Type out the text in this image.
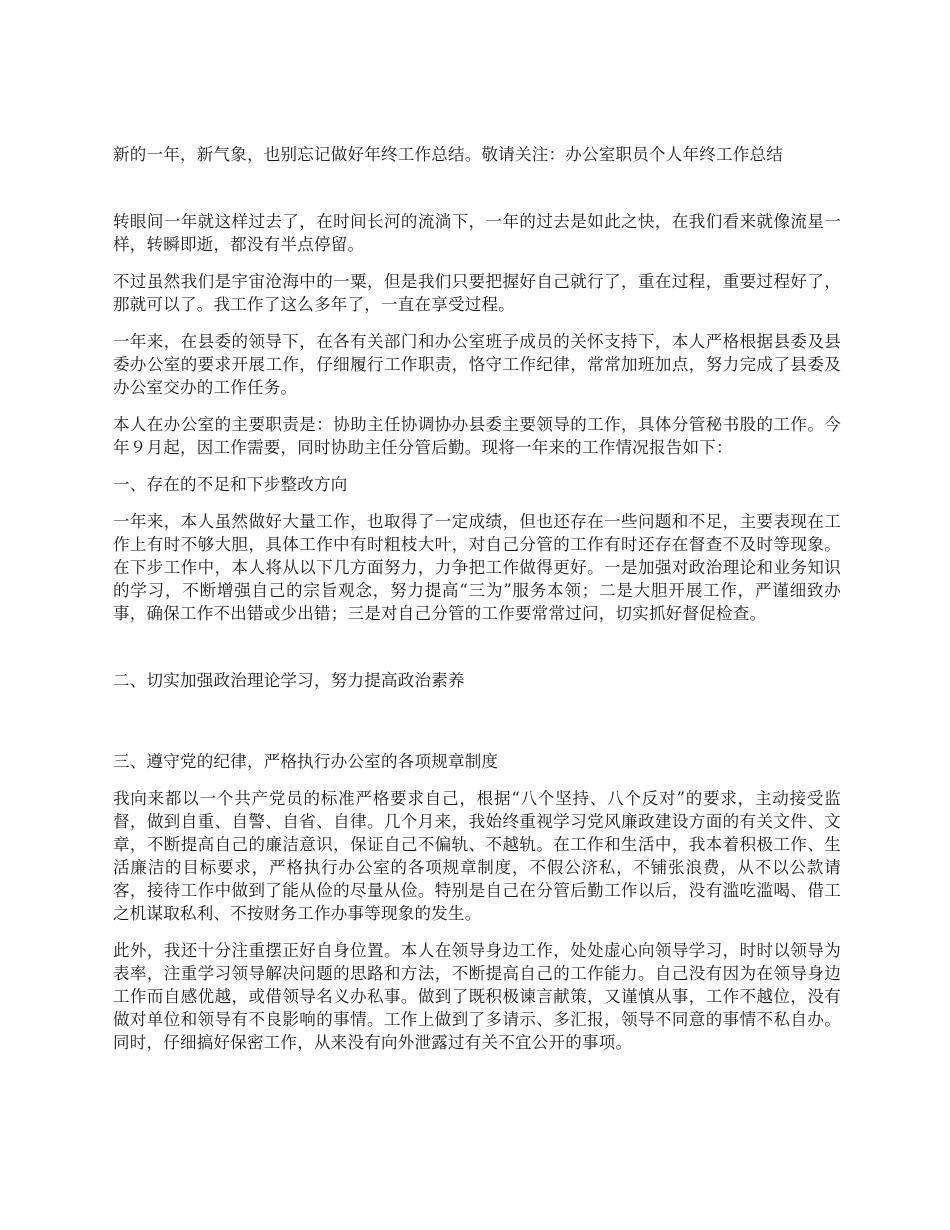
新的一年，新气象，也别忘记做好年终工作总结。敬请关注：办公室职员个人年终工作总结

转眼间一年就这样过去了，在时间长河的流淌下，一年的过去是如此之快，在我们看来就像流星一样，转瞬即逝，都没有半点停留。

不过虽然我们是宇宙沧海中的一粟，但是我们只要把握好自己就行了，重在过程，重要过程好了，那就可以了。我工作了这么多年了，一直在享受过程。

一年来，在县委的领导下，在各有关部门和办公室班子成员的关怀支持下，本人严格根据县委及县委办公室的要求开展工作，仔细履行工作职责，恪守工作纪律，常常加班加点，努力完成了县委及办公室交办的工作任务。

本人在办公室的主要职责是：协助主任协调协办县委主要领导的工作，具体分管秘书股的工作。今年９月起，因工作需要，同时协助主任分管后勤。现将一年来的工作情况报告如下：

一、存在的不足和下步整改方向

一年来，本人虽然做好大量工作，也取得了一定成绩，但也还存在一些问题和不足，主要表现在工作上有时不够大胆，具体工作中有时粗枝大叶，对自己分管的工作有时还存在督查不及时等现象。在下步工作中，本人将从以下几方面努力，力争把工作做得更好。一是加强对政治理论和业务知识的学习，不断增强自己的宗旨观念，努力提高“三为”服务本领；二是大胆开展工作，严谨细致办事，确保工作不出错或少出错；三是对自己分管的工作要常常过问，切实抓好督促检查。

二、切实加强政治理论学习，努力提高政治素养

三、遵守党的纪律，严格执行办公室的各项规章制度

我向来都以一个共产党员的标准严格要求自己，根据“八个坚持、八个反对”的要求，主动接受监督，做到自重、自警、自省、自律。几个月来，我始终重视学习党风廉政建设方面的有关文件、文章，不断提高自己的廉洁意识，保证自己不偏轨、不越轨。在工作和生活中，我本着积极工作、生活廉洁的目标要求，严格执行办公室的各项规章制度，不假公济私，不铺张浪费，从不以公款请客，接待工作中做到了能从俭的尽量从俭。特别是自己在分管后勤工作以后，没有滥吃滥喝、借工之机谋取私利、不按财务工作办事等现象的发生。

此外，我还十分注重摆正好自身位置。本人在领导身边工作，处处虚心向领导学习，时时以领导为表率，注重学习领导解决问题的思路和方法，不断提高自己的工作能力。自己没有因为在领导身边工作而自感优越，或借领导名义办私事。做到了既积极谏言献策，又谨慎从事，工作不越位，没有做对单位和领导有不良影响的事情。工作上做到了多请示、多汇报，领导不同意的事情不私自办。同时，仔细搞好保密工作，从来没有向外泄露过有关不宜公开的事项。
